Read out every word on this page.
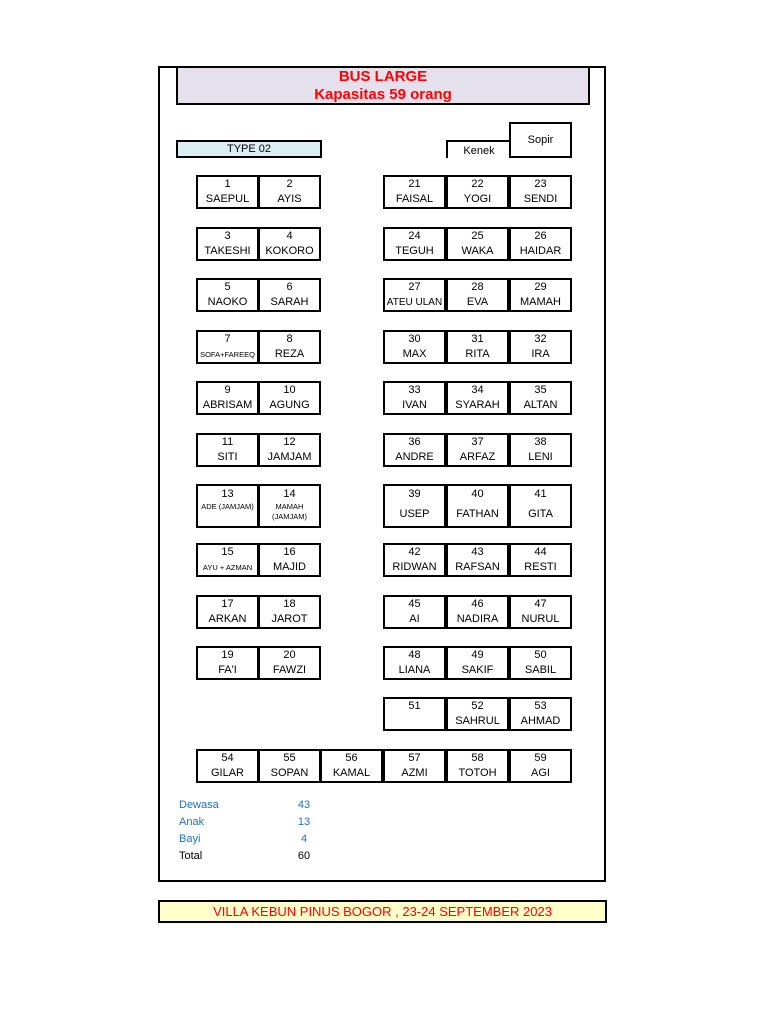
BUS LARGE
Kapasitas 59 orang
TYPE 02	Kenek
Sopir
1
SAEPUL
2
AYIS
3
TAKESHI
4
KOKORO
5
NAOKO
6
SARAH
7
SOFA+FAREEQ
8
REZA
9
ABRISAM
10
AGUNG
11
SITI
12
JAMJAM
13
ADE (JAMJAM)
14
MAMAH (JAMJAM)
15
AYU + AZMAN
16
MAJID
17
ARKAN
18
JAROT
19
FA'I
20
FAWZI
21
FAISAL
22
YOGI
23
SENDI
24
TEGUH
25
WAKA
26
HAIDAR
27
ATEU ULAN
28
EVA
29
MAMAH
30
MAX
31
RITA
32
IRA
33
IVAN
34
SYARAH
35
ALTAN
36
ANDRE
37
ARFAZ
38
LENI
39
USEP
40
FATHAN
41
GITA
42
RIDWAN
43
RAFSAN
44
RESTI
45
AI
46
NADIRA
47
NURUL
48
LIANA
49
SAKIF
50
SABIL
51	52
SAHRUL
53
AHMAD
54
GILAR
55
SOPAN
56
KAMAL
57
AZMI
58
TOTOH
59
AGI
Dewasa	43
Anak	13
Bayi	4
Total	60
VILLA KEBUN PINUS BOGOR , 23-24 SEPTEMBER 2023
